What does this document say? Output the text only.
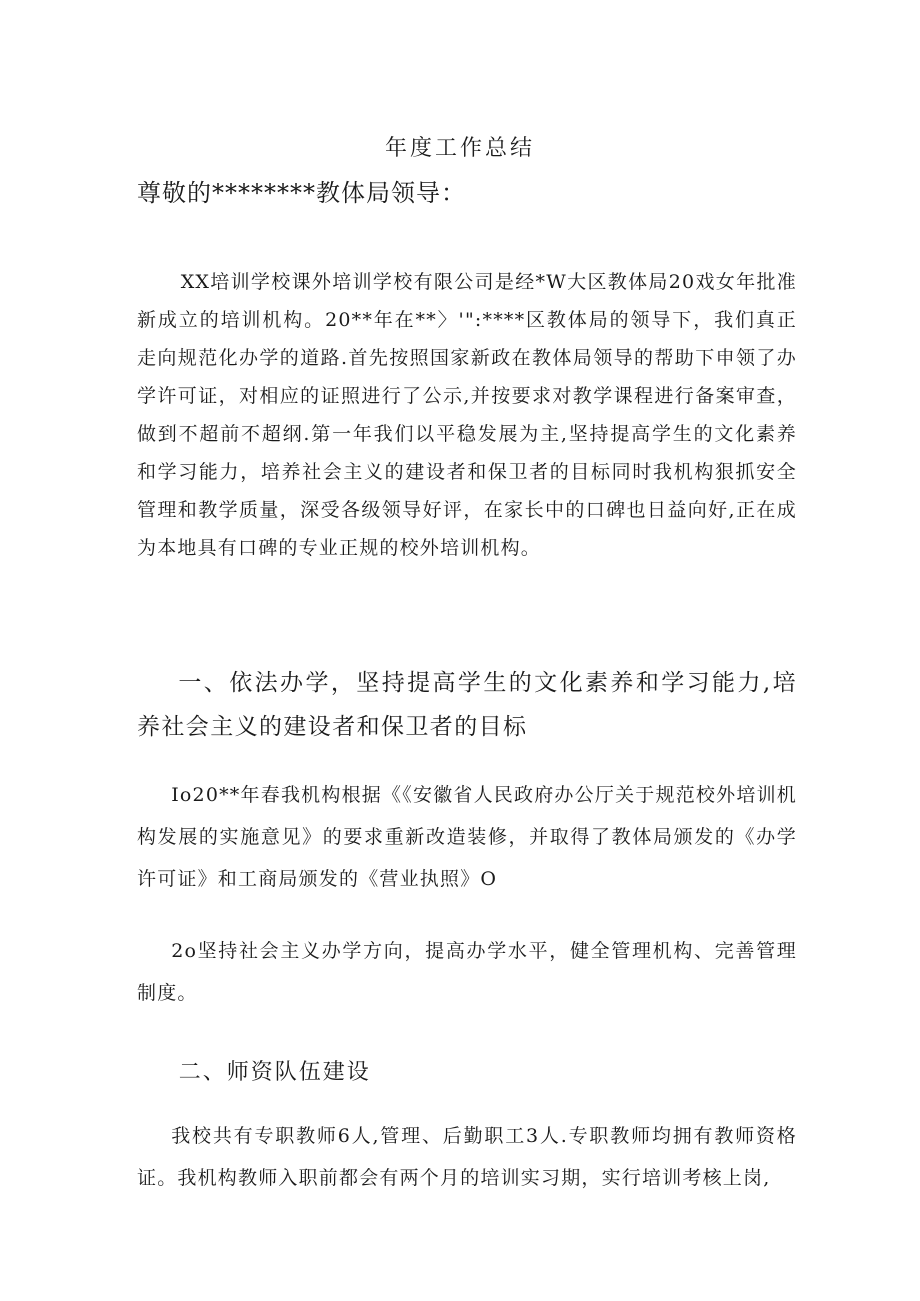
年度工作总结
尊敬的********教体局领导：

XX培训学校课外培训学校有限公司是经*W大区教体局20戏女年批准新成立的培训机构。20**年在**〉'":****区教体局的领导下，我们真正走向规范化办学的道路.首先按照国家新政在教体局领导的帮助下申领了办学许可证，对相应的证照进行了公示,并按要求对教学课程进行备案审查，做到不超前不超纲.第一年我们以平稳发展为主,坚持提高学生的文化素养和学习能力，培养社会主义的建设者和保卫者的目标同时我机构狠抓安全管理和教学质量，深受各级领导好评，在家长中的口碑也日益向好,正在成为本地具有口碑的专业正规的校外培训机构。

一、依法办学，坚持提高学生的文化素养和学习能力,培养社会主义的建设者和保卫者的目标

Io20**年春我机构根据《《安徽省人民政府办公厅关于规范校外培训机构发展的实施意见》的要求重新改造装修，并取得了教体局颁发的《办学许可证》和工商局颁发的《营业执照》O

2o坚持社会主义办学方向，提高办学水平，健全管理机构、完善管理制度。

二、师资队伍建设

我校共有专职教师6人,管理、后勤职工3人.专职教师均拥有教师资格证。我机构教师入职前都会有两个月的培训实习期，实行培训考核上岗,
